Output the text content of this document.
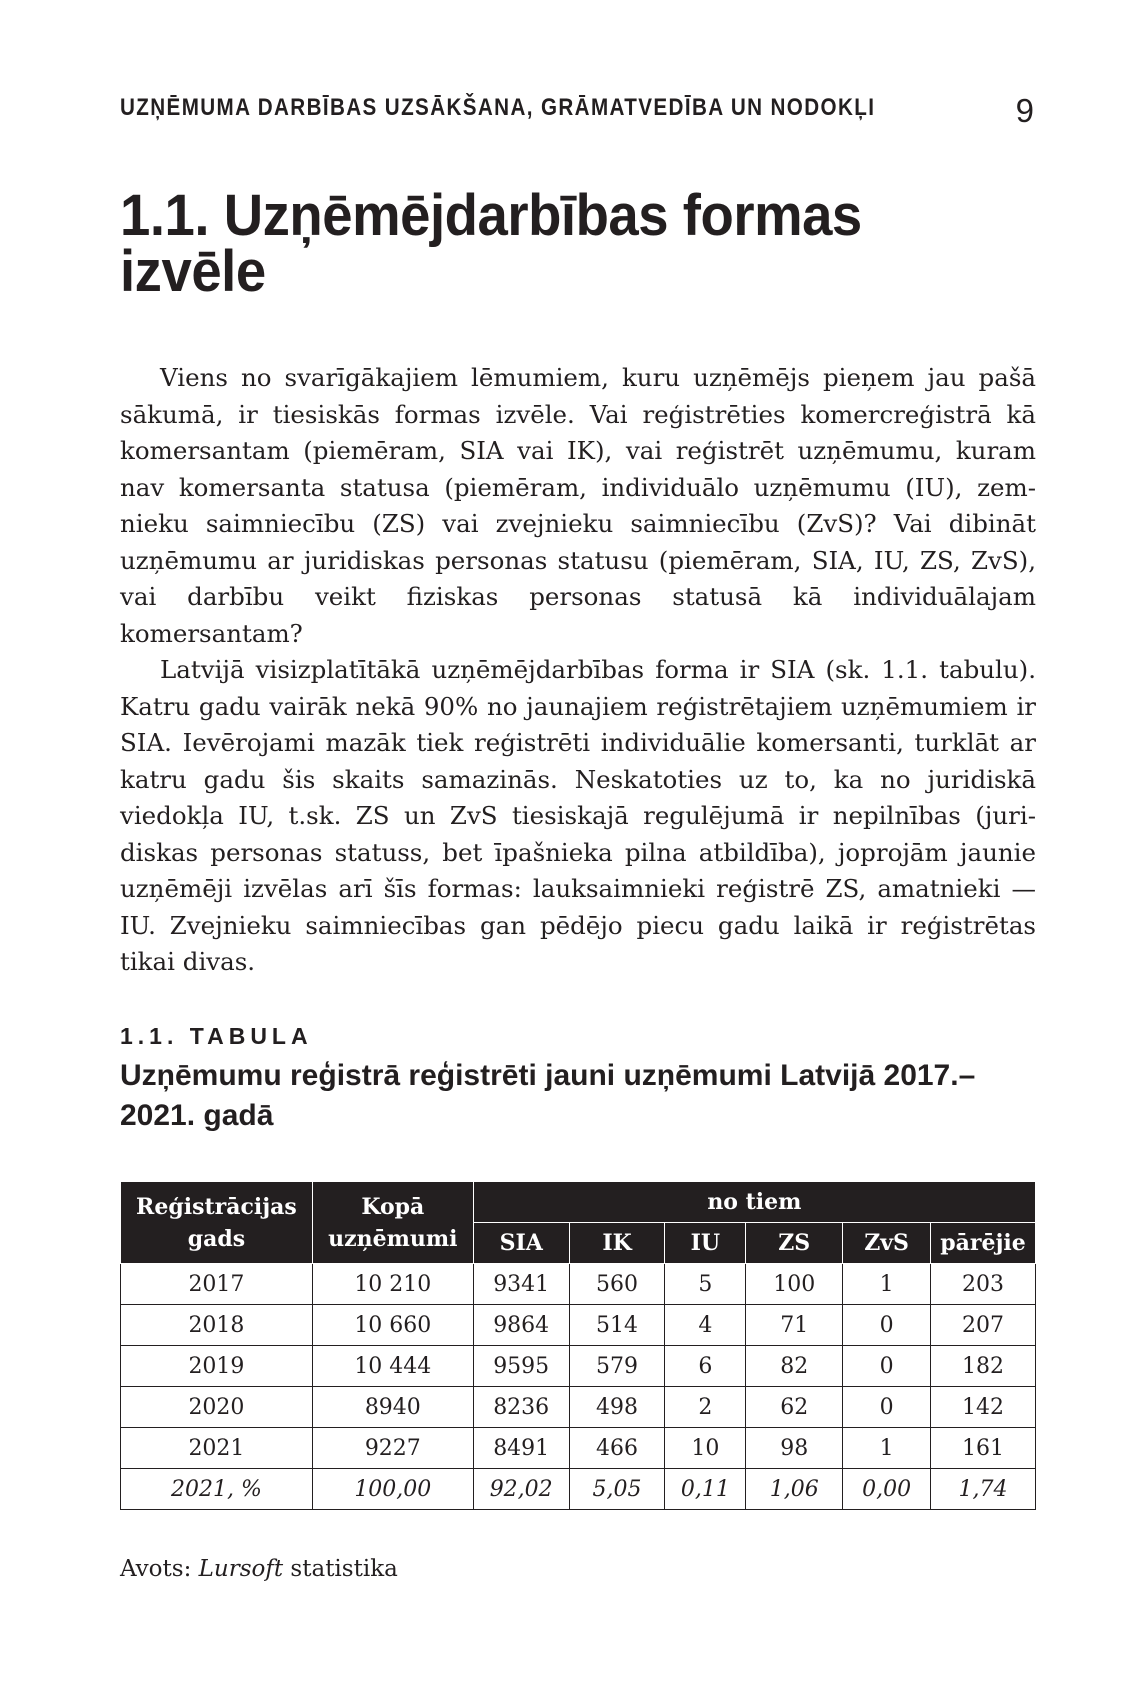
UZŅĒMUMA DARBĪBAS UZSĀKŠANA, GRĀMATVEDĪBA UN NODOKĻI	9
1.1. Uzņēmējdarbības formas
izvēle

Viens no svarīgākajiem lēmumiem, kuru uzņēmējs pieņem jau pašā sākumā, ir tiesiskās formas izvēle. Vai reģistrēties komercreģistrā kā komersantam (piemēram, SIA vai IK), vai reģistrēt uzņēmumu, kuram nav komersanta statusa (piemēram, individuālo uzņēmumu (IU), zemnieku saimniecību (ZS) vai zvejnieku saimniecību (ZvS)? Vai dibināt uzņēmumu ar juridiskas personas statusu (piemēram, SIA, IU, ZS, ZvS), vai darbību veikt fiziskas personas statusā kā individuālajam komersantam?

Latvijā visizplatītākā uzņēmējdarbības forma ir SIA (sk. 1.1. tabulu). Katru gadu vairāk nekā 90% no jaunajiem reģistrētajiem uzņēmumiem ir SIA. Ievērojami mazāk tiek reģistrēti individuālie komersanti, turklāt ar katru gadu šis skaits samazinās. Neskatoties uz to, ka no juridiskā viedokļa IU, t.sk. ZS un ZvS tiesiskajā regulējumā ir nepilnības (juridiskas personas statuss, bet īpašnieka pilna atbildība), joprojām jaunie uzņēmēji izvēlas arī šīs formas: lauksaimnieki reģistrē ZS, amatnieki — IU. Zvejnieku saimniecības gan pēdējo piecu gadu laikā ir reģistrētas tikai divas.

1.1. TABULA
Uzņēmumu reģistrā reģistrēti jauni uzņēmumi Latvijā 2017.–2021. gadā
Reģistrācijas gads	Kopā uzņēmumi	no tiem					
		SIA	IK	IU	ZS	ZvS	pārējie
2017	10 210	9341	560	5	100	1	203
2018	10 660	9864	514	4	71	0	207
2019	10 444	9595	579	6	82	0	182
2020	8940	8236	498	2	62	0	142
2021	9227	8491	466	10	98	1	161
2021, %	100,00	92,02	5,05	0,11	1,06	0,00	1,74
Avots: Lursoft statistika
